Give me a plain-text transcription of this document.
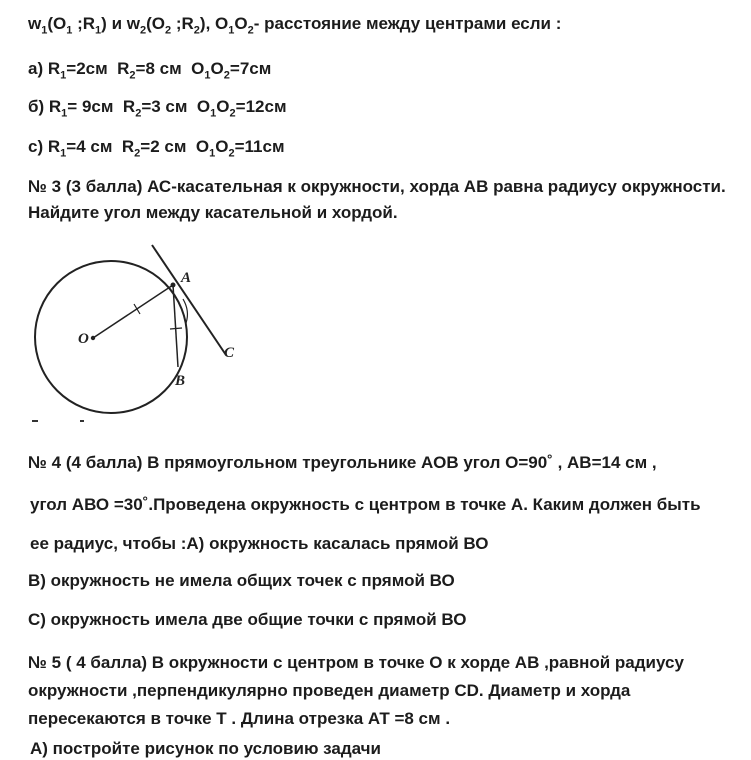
$w_1(O_1$ $;R_1$) и $w_2(O_2$ $;R_2$), $O_1O_2-$ расстояние между центрами если :
а) $R_1=2см$ $R_2=8$ см $O_1O_2=7см$
б) $R_1= 9см$ $R_2=3$ см $O_1O_2=12см$
с) $R_1=4$ см $R_2=2$ см $O_1O_2=11см$
№ 3 (3 балла) АС-касательная к окружности, хорда АВ равна радиусу окружности.
Найдите угол между касательной и хордой.
O
A
B
C
№ 4 (4 балла) В прямоугольном треугольнике АОВ угол О=90˚ , АВ=14 см ,
угол АВО =30˚.Проведена окружность с центром в точке А. Каким должен быть
ее радиус, чтобы :А) окружность касалась прямой ВО
В) окружность не имела общих точек с прямой ВО
С) окружность имела две общие точки с прямой ВО
№ 5 ( 4 балла) В окружности с центром в точке О к хорде АВ ,равной радиусу
окружности ,перпендикулярно проведен диаметр CD. Диаметр и хорда
пересекаются в точке Т . Длина отрезка АТ =8 см .
А) постройте рисунок по условию задачи
